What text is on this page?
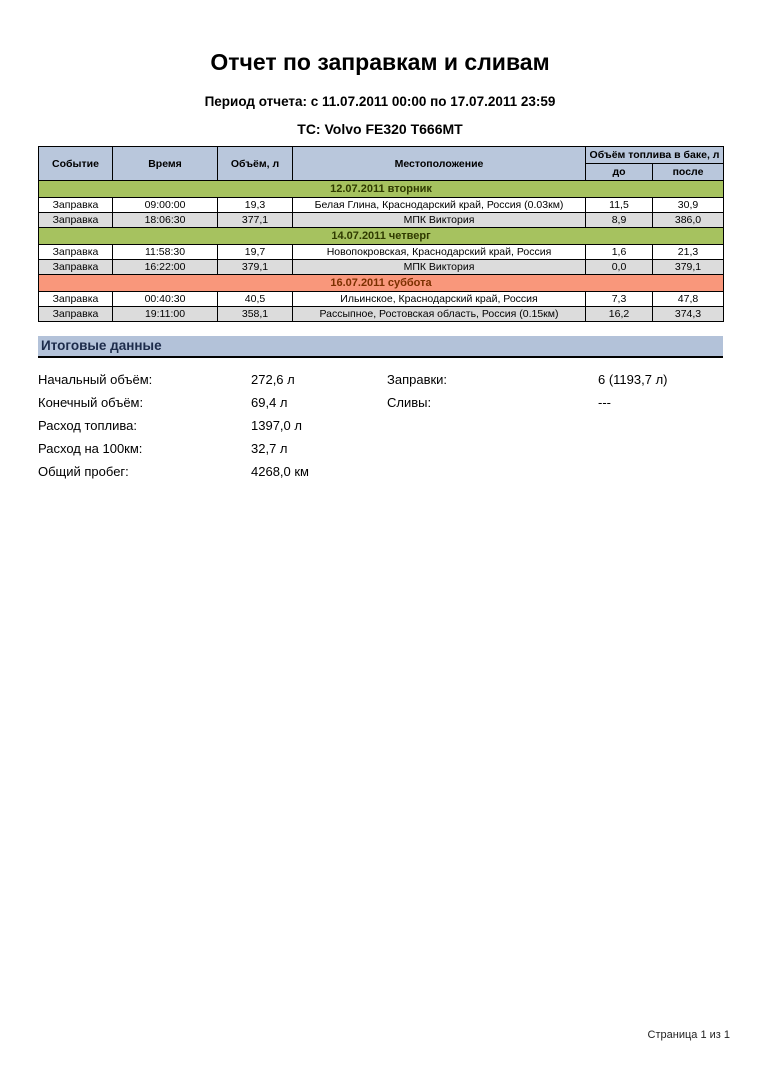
Отчет по заправкам и сливам
Период отчета: с 11.07.2011 00:00 по 17.07.2011 23:59
ТС: Volvo FE320 Т666МТ
Событие	Время	Объём, л	Местоположение	Объём топлива в баке, л	
				до	после
12.07.2011 вторник					
Заправка	09:00:00	19,3	Белая Глина, Краснодарский край, Россия (0.03км)	11,5	30,9
Заправка	18:06:30	377,1	МПК Виктория	8,9	386,0
14.07.2011 четверг					
Заправка	11:58:30	19,7	Новопокровская, Краснодарский край, Россия	1,6	21,3
Заправка	16:22:00	379,1	МПК Виктория	0,0	379,1
16.07.2011 суббота					
Заправка	00:40:30	40,5	Ильинское, Краснодарский край, Россия	7,3	47,8
Заправка	19:11:00	358,1	Рассыпное, Ростовская область, Россия (0.15км)	16,2	374,3
Итоговые данные
Начальный объём:	272,6 л	Заправки:	6 (1193,7 л)
Конечный объём:	69,4 л	Сливы:	---
Расход топлива:	1397,0 л
Расход на 100км:	32,7 л
Общий пробег:	4268,0 км
Страница 1 из 1
